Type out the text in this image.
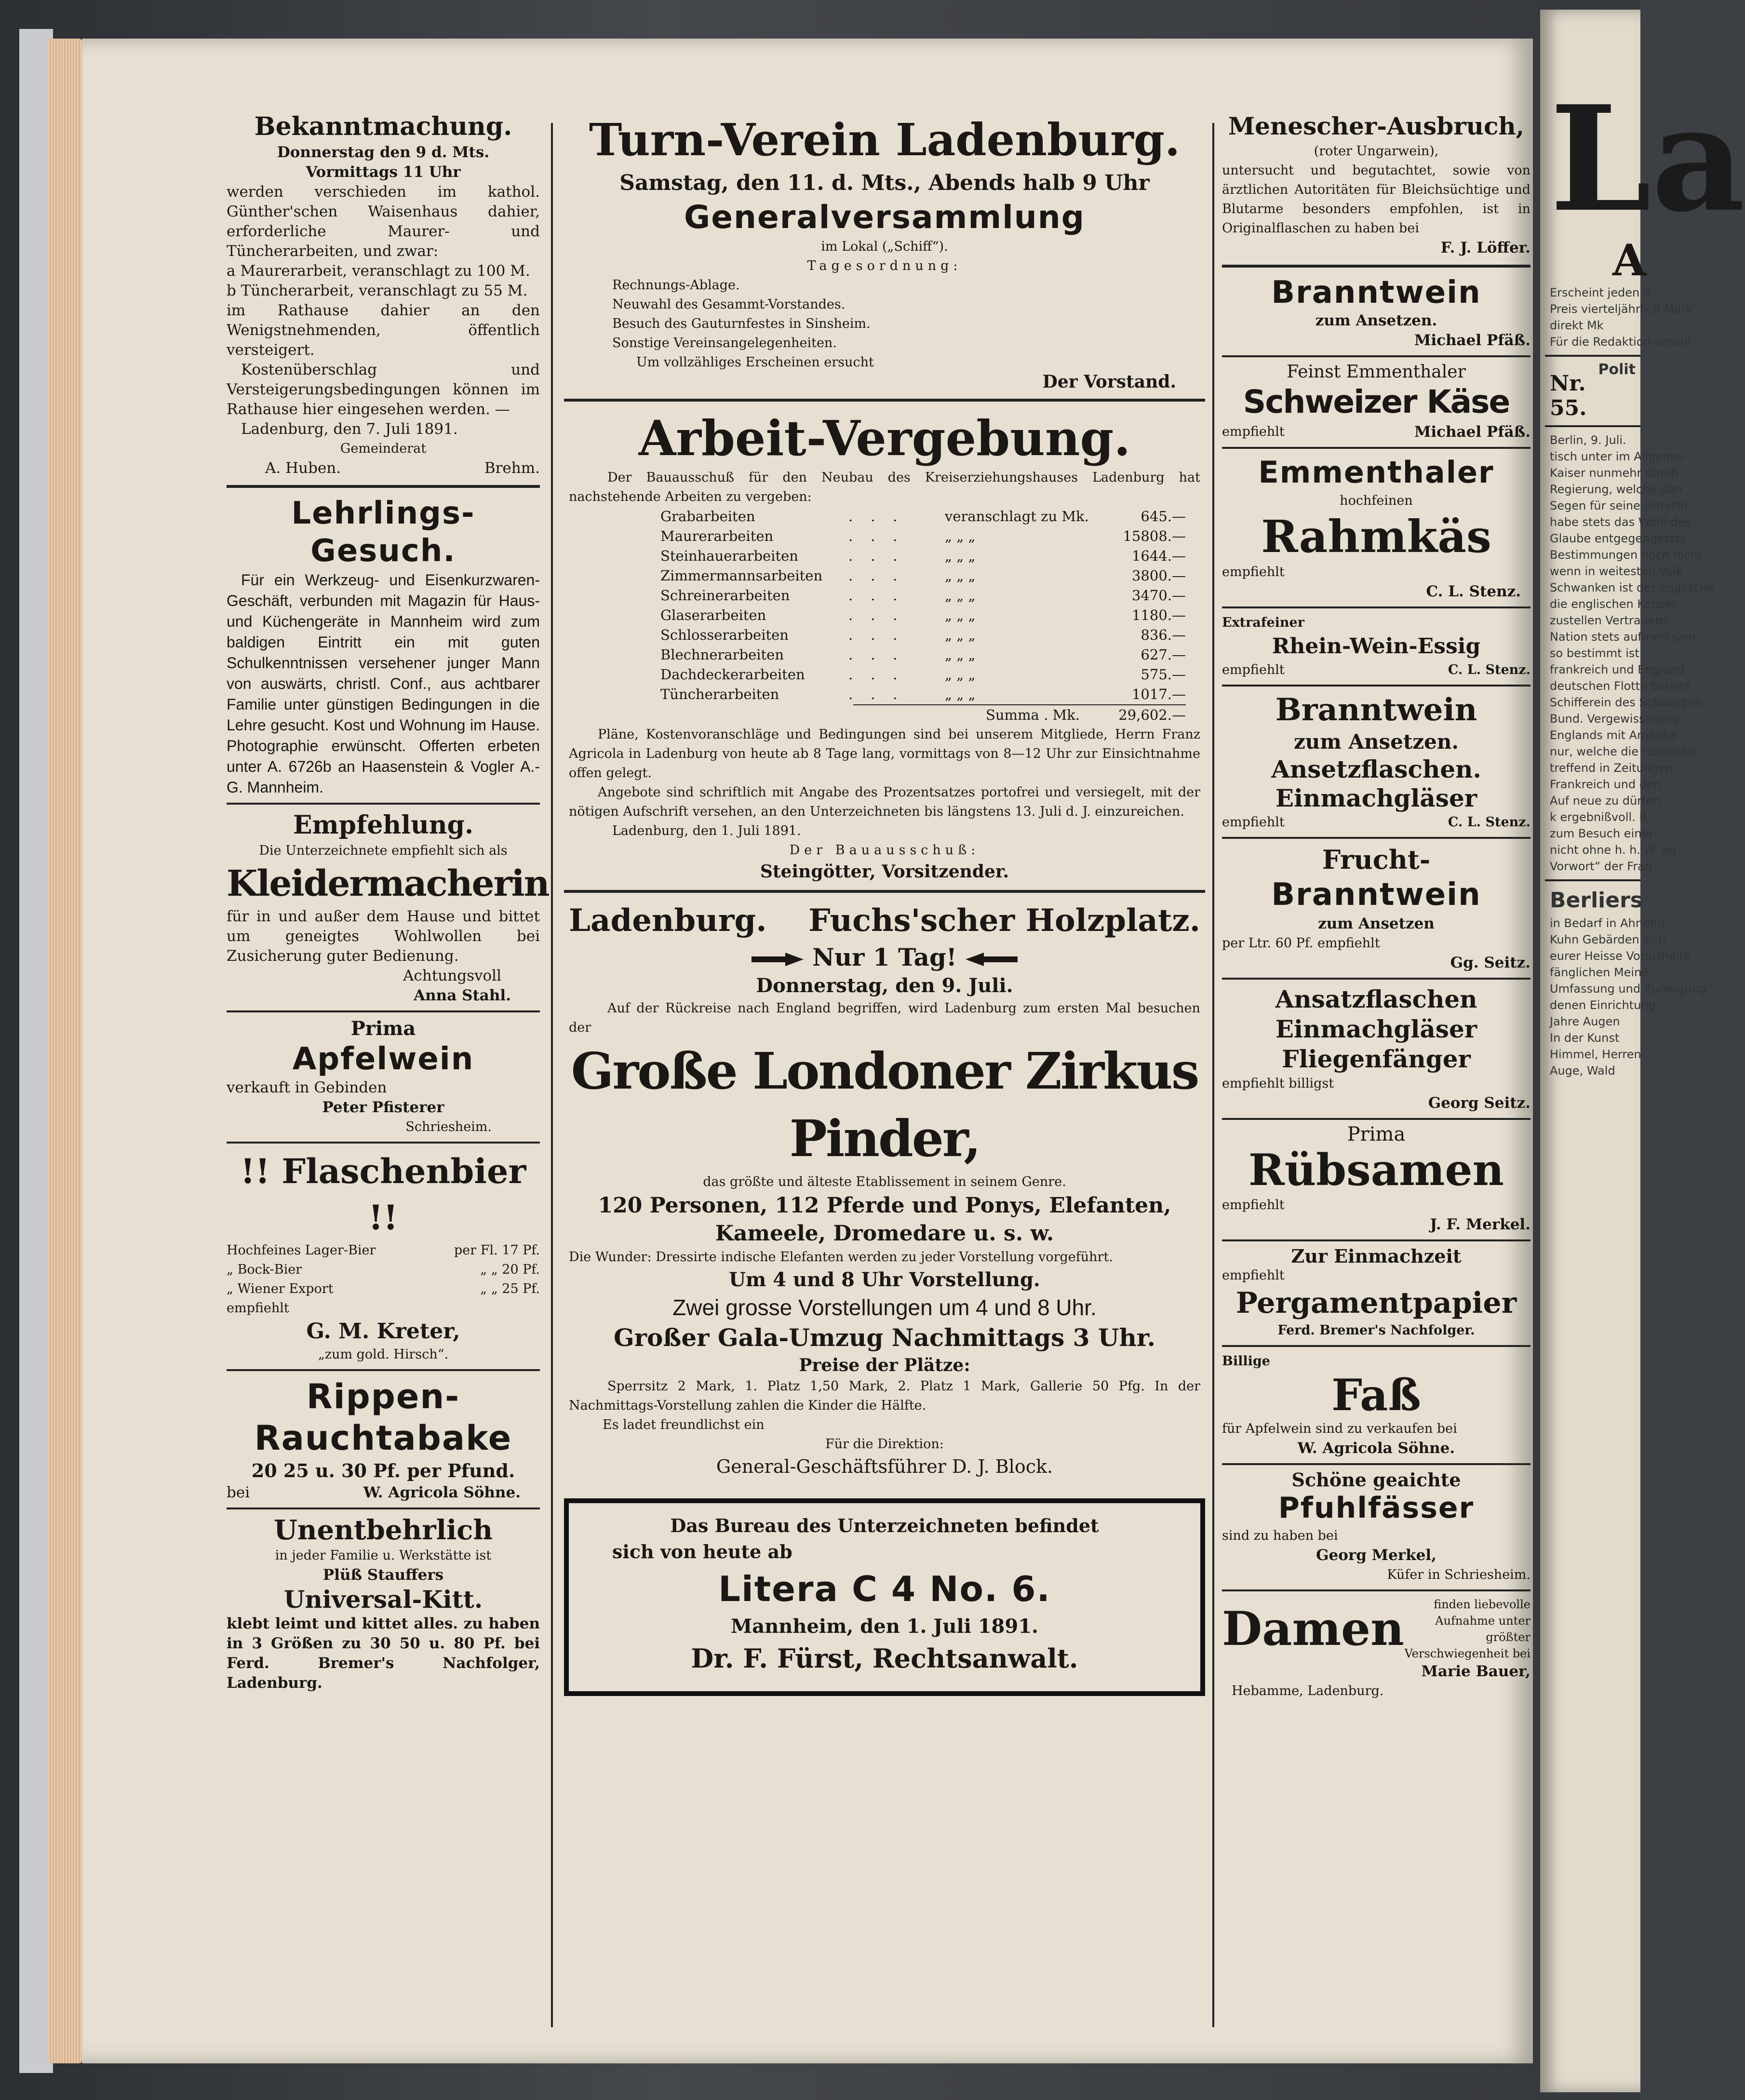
Bekanntmachung.
Donnerstag den 9 d. Mts.
Vormittags 11 Uhr
werden verschieden im kathol. Günther'schen Waisenhaus dahier, erforderliche Maurer- und Tüncherarbeiten, und zwar:
a Maurerarbeit, veranschlagt zu 100 M.
b Tüncherarbeit, veranschlagt zu 55 M.
im Rathause dahier an den Wenigstnehmenden, öffentlich versteigert.
Kostenüberschlag und Versteigerungsbedingungen können im Rathause hier eingesehen werden. —
Ladenburg, den 7. Juli 1891.
Gemeinderat
A. Huben.	Brehm.
Lehrlings-
Gesuch.
Für ein Werkzeug- und Eisenkurzwaren-Geschäft, verbunden mit Magazin für Haus- und Küchengeräte in Mannheim wird zum baldigen Eintritt ein mit guten Schulkenntnissen versehener junger Mann von auswärts, christl. Conf., aus achtbarer Familie unter günstigen Bedingungen in die Lehre gesucht. Kost und Wohnung im Hause. Photographie erwünscht. Offerten erbeten unter A. 6726b an Haasenstein & Vogler A.-G. Mannheim.
Empfehlung.
Die Unterzeichnete empfiehlt sich als
Kleidermacherin
für in und außer dem Hause und bittet um geneigtes Wohlwollen bei Zusicherung guter Bedienung.
Achtungsvoll
Anna Stahl.
Prima
Apfelwein
verkauft in Gebinden
Peter Pfisterer
Schriesheim.
!! Flaschenbier !!
Hochfeines Lager-Bier	per Fl. 17 Pf.
„ Bock-Bier	„ „ 20 Pf.
„ Wiener Export	„ „ 25 Pf.
empfiehlt
G. M. Kreter,
„zum gold. Hirsch“.
Rippen-
Rauchtabake
20 25 u. 30 Pf. per Pfund.
bei	W. Agricola Söhne.
Unentbehrlich
in jeder Familie u. Werkstätte ist
Plüß Stauffers
Universal-Kitt.
klebt leimt und kittet alles. zu haben in 3 Größen zu 30 50 u. 80 Pf. bei Ferd. Bremer's Nachfolger, Ladenburg.
Turn-Verein Ladenburg.
Samstag, den 11. d. Mts., Abends halb 9 Uhr
Generalversammlung
im Lokal („Schiff“).
Tagesordnung:
Rechnungs-Ablage.
Neuwahl des Gesammt-Vorstandes.
Besuch des Gauturnfestes in Sinsheim.
Sonstige Vereinsangelegenheiten.
Um vollzähliges Erscheinen ersucht
Der Vorstand.
Arbeit-Vergebung.
Der Bauausschuß für den Neubau des Kreiserziehungshauses Ladenburg hat nachstehende Arbeiten zu vergeben:
Grabarbeiten	.    .    .	veranschlagt zu Mk.	645.—
Maurerarbeiten	.    .    .	„ „ „	15808.—
Steinhauerarbeiten	.    .    .	„ „ „	1644.—
Zimmermannsarbeiten	.    .    .	„ „ „	3800.—
Schreinerarbeiten	.    .    .	„ „ „	3470.—
Glaserarbeiten	.    .    .	„ „ „	1180.—
Schlosserarbeiten	.    .    .	„ „ „	836.—
Blechnerarbeiten	.    .    .	„ „ „	627.—
Dachdeckerarbeiten	.    .    .	„ „ „	575.—
Tüncherarbeiten	.    .    .	„ „ „	1017.—
Summa . Mk.	29,602.—
Pläne, Kostenvoranschläge und Bedingungen sind bei unserem Mitgliede, Herrn Franz Agricola in Ladenburg von heute ab 8 Tage lang, vormittags von 8—12 Uhr zur Einsichtnahme offen gelegt.
Angebote sind schriftlich mit Angabe des Prozentsatzes portofrei und versiegelt, mit der nötigen Aufschrift versehen, an den Unterzeichneten bis längstens 13. Juli d. J. einzureichen.
Ladenburg, den 1. Juli 1891.
Der Bauausschuß:
Steingötter, Vorsitzender.
Ladenburg. Fuchs'scher Holzplatz.
Nur 1 Tag!
Donnerstag, den 9. Juli.
Auf der Rückreise nach England begriffen, wird Ladenburg zum ersten Mal besuchen der
Große Londoner Zirkus Pinder,
das größte und älteste Etablissement in seinem Genre.
120 Personen, 112 Pferde und Ponys, Elefanten,
Kameele, Dromedare u. s. w.
Die Wunder: Dressirte indische Elefanten werden zu jeder Vorstellung vorgeführt.
Um 4 und 8 Uhr Vorstellung.
Zwei grosse Vorstellungen um 4 und 8 Uhr.
Großer Gala-Umzug Nachmittags 3 Uhr.
Preise der Plätze:
Sperrsitz 2 Mark, 1. Platz 1,50 Mark, 2. Platz 1 Mark, Gallerie 50 Pfg. In der Nachmittags-Vorstellung zahlen die Kinder die Hälfte.
Es ladet freundlichst ein
Für die Direktion:
General-Geschäftsführer D. J. Block.
Das Bureau des Unterzeichneten befindet
sich von heute ab
Litera C 4 No. 6.
Mannheim, den 1. Juli 1891.
Dr. F. Fürst, Rechtsanwalt.
Menescher-Ausbruch,
(roter Ungarwein),
untersucht und begutachtet, sowie von ärztlichen Autoritäten für Bleichsüchtige und Blutarme besonders empfohlen, ist in Originalflaschen zu haben bei
F. J. Löffer.
Branntwein
zum Ansetzen.
Michael Pfäß.
Feinst Emmenthaler
Schweizer Käse
empfiehlt	Michael Pfäß.
Emmenthaler
hochfeinen
Rahmkäs
empfiehlt
C. L. Stenz.
Extrafeiner
Rhein-Wein-Essig
empfiehlt	C. L. Stenz.
Branntwein
zum Ansetzen.
Ansetzflaschen.
Einmachgläser
empfiehlt	C. L. Stenz.
Frucht-
Branntwein
zum Ansetzen
per Ltr. 60 Pf. empfiehlt
Gg. Seitz.
Ansatzflaschen
Einmachgläser
Fliegenfänger
empfiehlt billigst
Georg Seitz.
Prima
Rübsamen
empfiehlt
J. F. Merkel.
Zur Einmachzeit
empfiehlt
Pergamentpapier
Ferd. Bremer's Nachfolger.
Billige
Faß
für Apfelwein sind zu verkaufen bei
W. Agricola Söhne.
Schöne geaichte
Pfuhlfässer
sind zu haben bei
Georg Merkel,
Küfer in Schriesheim.
Damen	finden liebevolle Aufnahme unter größter Verschwiegenheit bei
Marie Bauer,
Hebamme, Ladenburg.
La
A
Erscheint jeden S
Preis vierteljährlich Mark
direkt Mk
Für die Redaktion verant
Nr. 55.
Polit
Berlin, 9. Juli.
tisch unter im Allgemei
Kaiser nunmehr durch
Regierung, welche den
Segen für seine Unterth
habe stets das Wohl des
Glaube entgegengestel
Bestimmungen noch nicht
wenn in weitesten Volk
Schwanken ist der englische
die englischen Konser
zustellen Vertrauens
Nation stets aufmerksam
so bestimmt ist
frankreich und England
deutschen Flotte bereits
Schifferein des Schwarzen
Bund. Vergewisserung
Englands mit Amerika
nur, welche die russische
treffend in Zeitungen
Frankreich und den
Auf neue zu dürfen
k ergebnißvoll. B
zum Besuch einer
nicht ohne h. h. W. an
Vorwort“ der Fran
Berliers
in Bedarf in Ahnenn
Kuhn Gebärden sich
eurer Heisse Vorurtheile
fänglichen Meine
Umfassung und Zuneigung
denen Einrichtung
Jahre Augen
In der Kunst
Himmel, Herren
Auge, Wald
